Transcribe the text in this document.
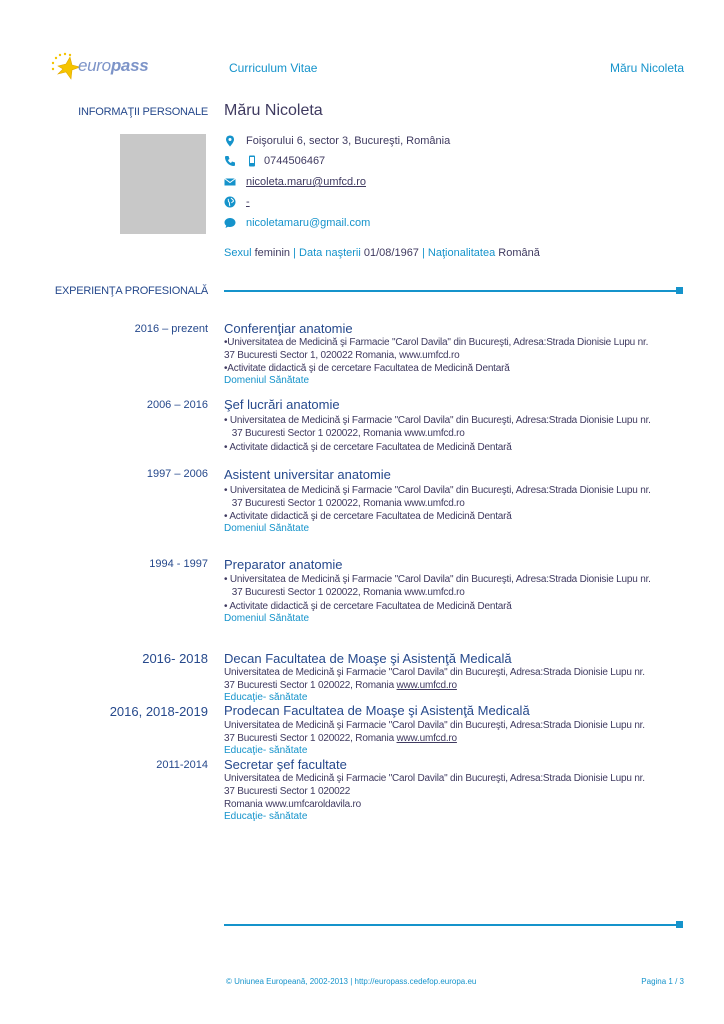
europass	Curriculum Vitae	Măru Nicoleta
INFORMAŢII PERSONALE Măru Nicoleta
Foişorului 6, sector 3, Bucureşti, România
0744506467
nicoleta.maru@umfcd.ro
-
nicoletamaru@gmail.com
Sexul feminin | Data naşterii 01/08/1967 | Naţionalitatea Română
EXPERIENŢA PROFESIONALĂ
2016 – prezent Conferenţiar anatomie
•Universitatea de Medicină şi Farmacie "Carol Davila" din Bucureşti, Adresa:Strada Dionisie Lupu nr.
37 Bucuresti Sector 1, 020022 Romania, www.umfcd.ro
•Activitate didactică şi de cercetare Facultatea de Medicină Dentară
Domeniul Sănătate
2006 – 2016 Şef lucrări anatomie
• Universitatea de Medicină şi Farmacie "Carol Davila" din Bucureşti, Adresa:Strada Dionisie Lupu nr.
37 Bucuresti Sector 1 020022, Romania www.umfcd.ro
• Activitate didactică şi de cercetare Facultatea de Medicină Dentară
1997 – 2006 Asistent universitar anatomie
• Universitatea de Medicină şi Farmacie "Carol Davila" din Bucureşti, Adresa:Strada Dionisie Lupu nr.
37 Bucuresti Sector 1 020022, Romania www.umfcd.ro
• Activitate didactică şi de cercetare Facultatea de Medicină Dentară
Domeniul Sănătate
1994 - 1997 Preparator anatomie
• Universitatea de Medicină şi Farmacie "Carol Davila" din Bucureşti, Adresa:Strada Dionisie Lupu nr.
37 Bucuresti Sector 1 020022, Romania www.umfcd.ro
• Activitate didactică şi de cercetare Facultatea de Medicină Dentară
Domeniul Sănătate
2016- 2018 Decan Facultatea de Moaşe şi Asistenţă Medicală
Universitatea de Medicină şi Farmacie "Carol Davila" din Bucureşti, Adresa:Strada Dionisie Lupu nr.
37 Bucuresti Sector 1 020022, Romania www.umfcd.ro
Educaţie- sănătate
2016, 2018-2019 Prodecan Facultatea de Moaşe şi Asistenţă Medicală
Universitatea de Medicină şi Farmacie "Carol Davila" din Bucureşti, Adresa:Strada Dionisie Lupu nr.
37 Bucuresti Sector 1 020022, Romania www.umfcd.ro
Educaţie- sănătate
2011-2014 Secretar şef facultate
Universitatea de Medicină şi Farmacie "Carol Davila" din Bucureşti, Adresa:Strada Dionisie Lupu nr.
37 Bucuresti Sector 1 020022
Romania www.umfcaroldavila.ro
Educaţie- sănătate
© Uniunea Europeană, 2002-2013 | http://europass.cedefop.europa.eu	Pagina 1 / 3
